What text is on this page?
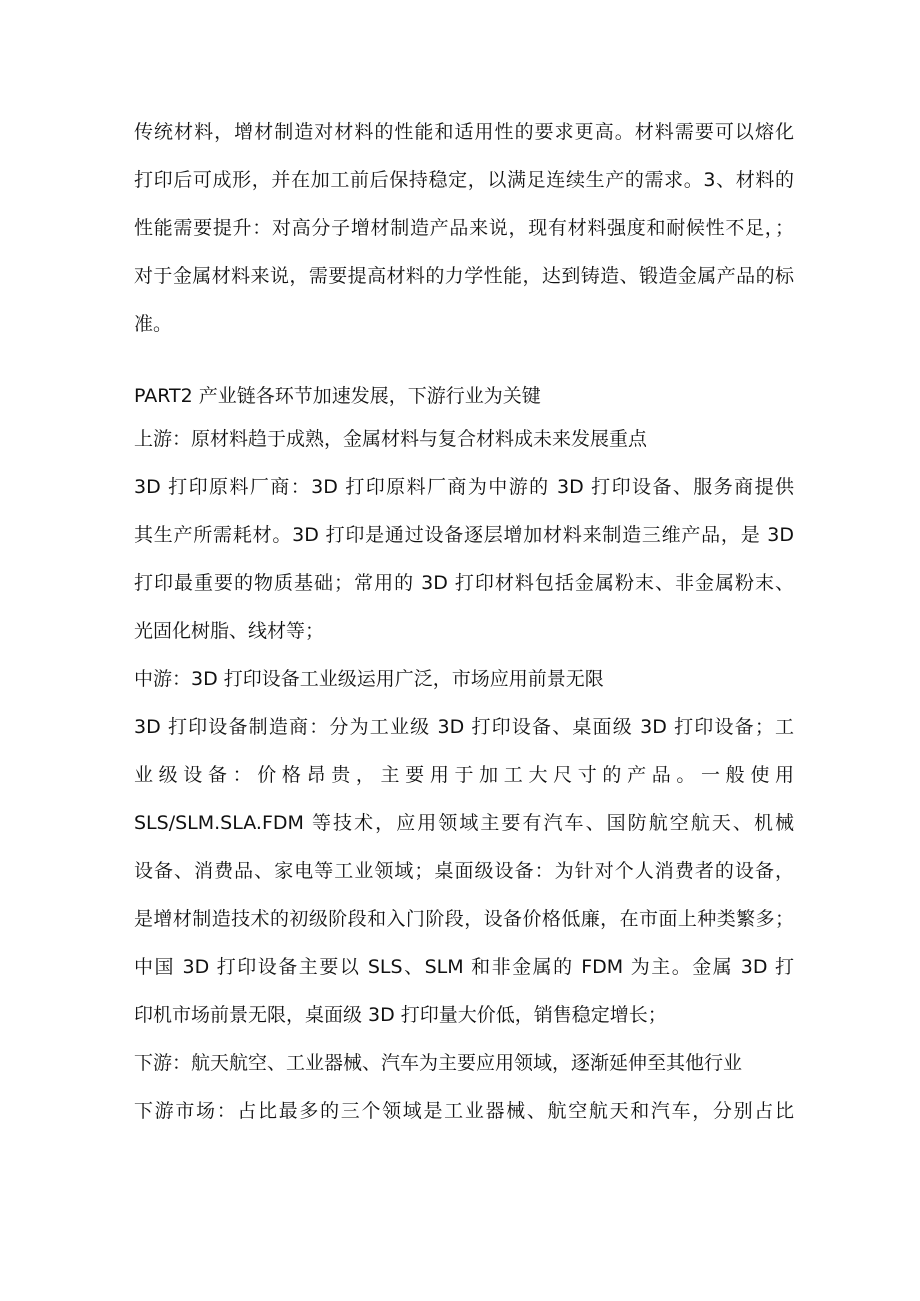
传统材料，增材制造对材料的性能和适用性的要求更高。材料需要可以熔化
打印后可成形，并在加工前后保持稳定，以满足连续生产的需求。3、材料的
性能需要提升：对高分子增材制造产品来说，现有材料强度和耐候性不足，；
对于金属材料来说，需要提高材料的力学性能，达到铸造、锻造金属产品的标
准。
PART2 产业链各环节加速发展，下游行业为关键
上游：原材料趋于成熟，金属材料与复合材料成未来发展重点
3D 打印原料厂商：3D 打印原料厂商为中游的 3D 打印设备、服务商提供
其生产所需耗材。3D 打印是通过设备逐层增加材料来制造三维产品，是 3D
打印最重要的物质基础；常用的 3D 打印材料包括金属粉末、非金属粉末、
光固化树脂、线材等；
中游：3D 打印设备工业级运用广泛，市场应用前景无限
3D 打印设备制造商：分为工业级 3D 打印设备、桌面级 3D 打印设备；工
业级设备：价格昂贵，主要用于加工大尺寸的产品。一般使用
SLS/SLM.SLA.FDM 等技术，应用领域主要有汽车、国防航空航天、机械
设备、消费品、家电等工业领域；桌面级设备：为针对个人消费者的设备，
是增材制造技术的初级阶段和入门阶段，设备价格低廉，在市面上种类繁多；
中国 3D 打印设备主要以 SLS、SLM 和非金属的 FDM 为主。金属 3D 打
印机市场前景无限，桌面级 3D 打印量大价低，销售稳定增长；
下游：航天航空、工业器械、汽车为主要应用领域，逐渐延伸至其他行业
下游市场：占比最多的三个领域是工业器械、航空航天和汽车，分别占比
